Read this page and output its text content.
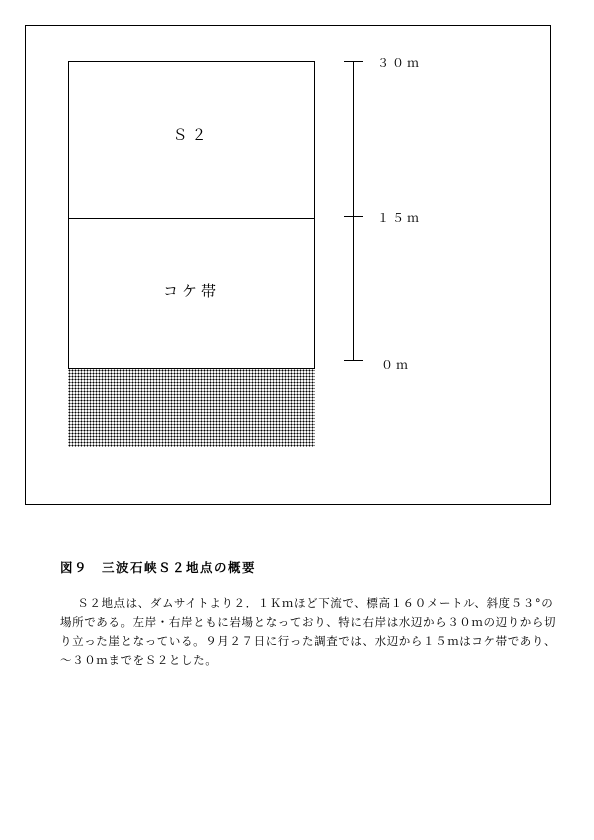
Ｓ２
コケ帯
３０ｍ
１５ｍ
０ｍ
図９　三波石峡Ｓ２地点の概要
Ｓ２地点は、ダムサイトより２．１Ｋｍほど下流で、標高１６０メートル、斜度５３°の場所である。左岸・右岸ともに岩場となっており、特に右岸は水辺から３０ｍの辺りから切り立った崖となっている。９月２７日に行った調査では、水辺から１５ｍはコケ帯であり、～３０ｍまでをＳ２とした。
